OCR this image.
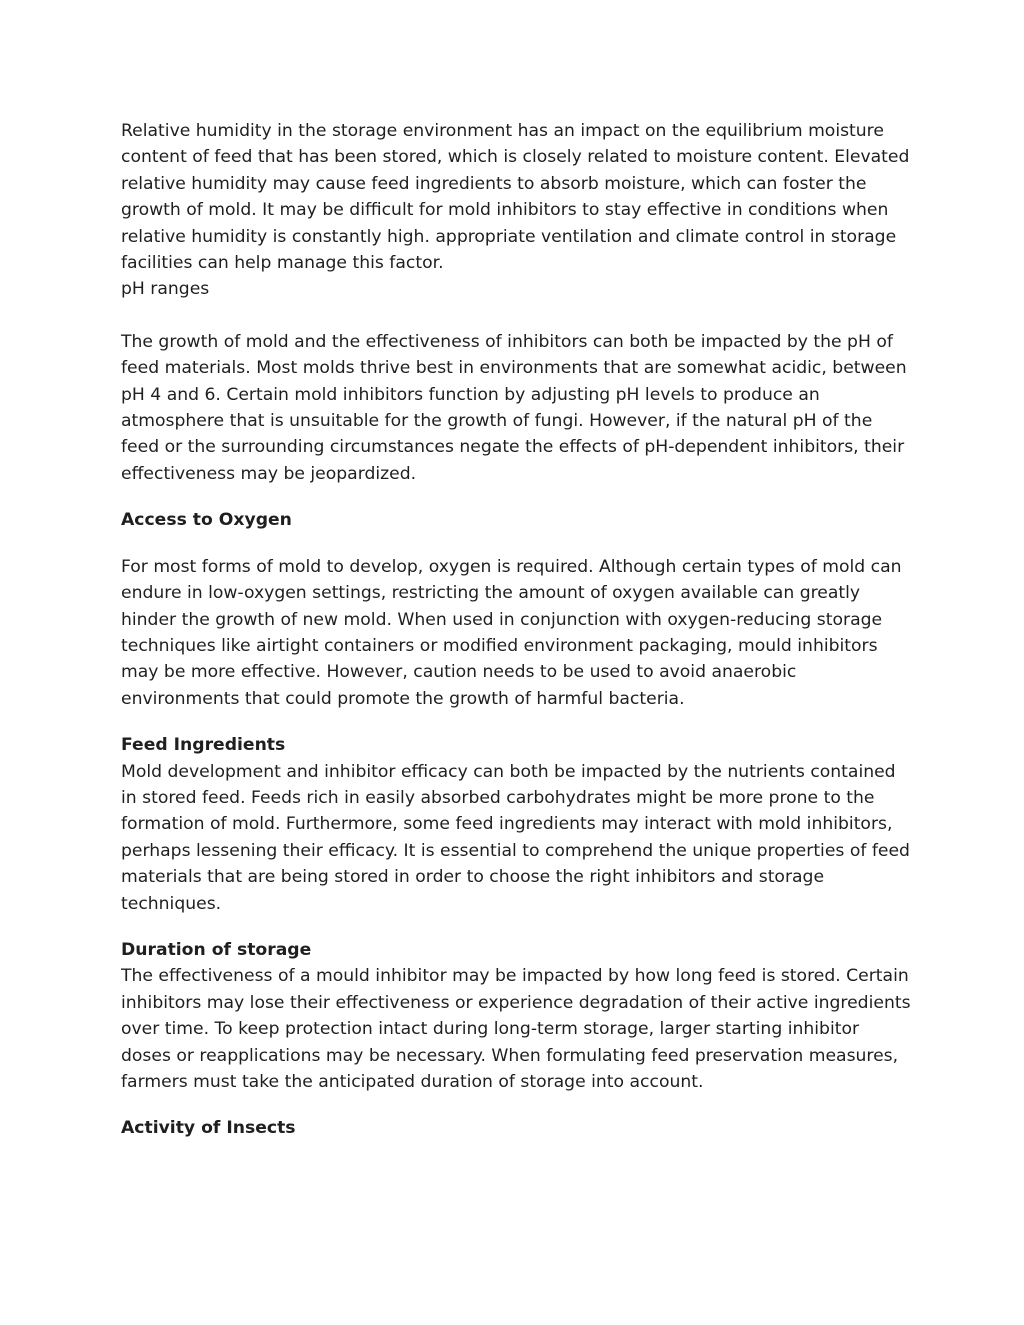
Relative humidity in the storage environment has an impact on the equilibrium moisture content of feed that has been stored, which is closely related to moisture content. Elevated relative humidity may cause feed ingredients to absorb moisture, which can foster the growth of mold. It may be difficult for mold inhibitors to stay effective in conditions when relative humidity is constantly high. appropriate ventilation and climate control in storage facilities can help manage this factor.

pH ranges

The growth of mold and the effectiveness of inhibitors can both be impacted by the pH of feed materials. Most molds thrive best in environments that are somewhat acidic, between pH 4 and 6. Certain mold inhibitors function by adjusting pH levels to produce an atmosphere that is unsuitable for the growth of fungi. However, if the natural pH of the feed or the surrounding circumstances negate the effects of pH-dependent inhibitors, their effectiveness may be jeopardized.

Access to Oxygen

For most forms of mold to develop, oxygen is required. Although certain types of mold can endure in low-oxygen settings, restricting the amount of oxygen available can greatly hinder the growth of new mold. When used in conjunction with oxygen-reducing storage techniques like airtight containers or modified environment packaging, mould inhibitors may be more effective. However, caution needs to be used to avoid anaerobic environments that could promote the growth of harmful bacteria.

Feed Ingredients

Mold development and inhibitor efficacy can both be impacted by the nutrients contained in stored feed. Feeds rich in easily absorbed carbohydrates might be more prone to the formation of mold. Furthermore, some feed ingredients may interact with mold inhibitors, perhaps lessening their efficacy. It is essential to comprehend the unique properties of feed materials that are being stored in order to choose the right inhibitors and storage techniques.

Duration of storage

The effectiveness of a mould inhibitor may be impacted by how long feed is stored. Certain inhibitors may lose their effectiveness or experience degradation of their active ingredients over time. To keep protection intact during long-term storage, larger starting inhibitor doses or reapplications may be necessary. When formulating feed preservation measures, farmers must take the anticipated duration of storage into account.

Activity of Insects
